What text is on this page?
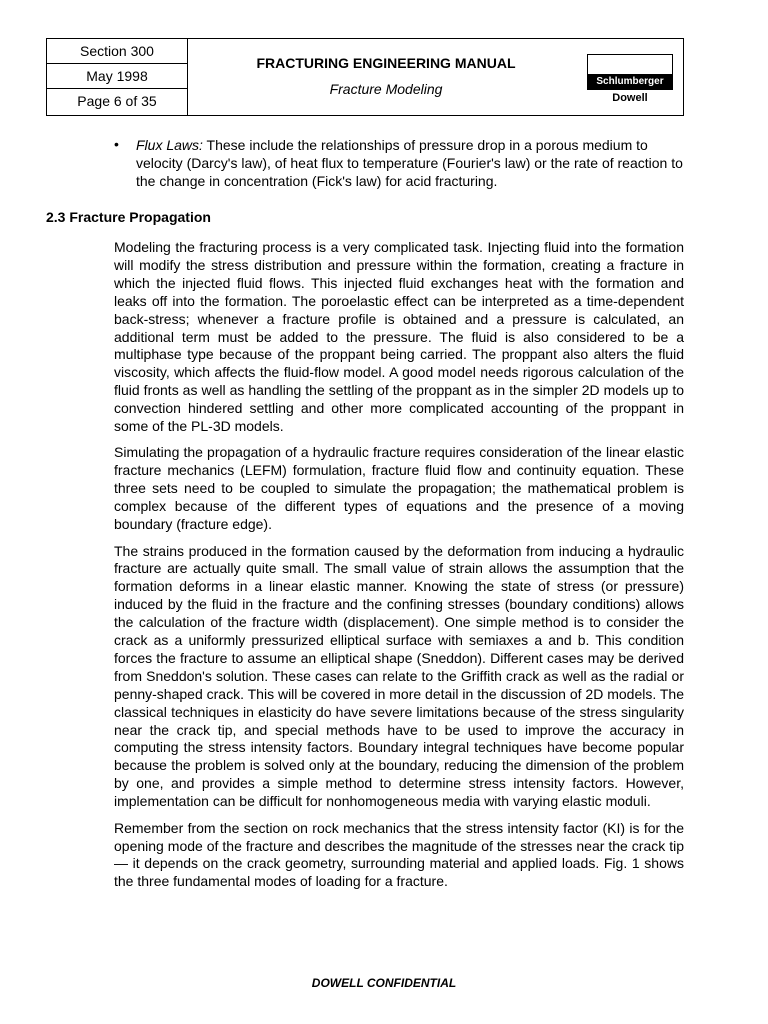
Section 300
May 1998
Page 6 of 35
FRACTURING ENGINEERING MANUAL
Fracture Modeling	Schlumberger
Dowell
• Flux Laws: These include the relationships of pressure drop in a porous medium to velocity (Darcy's law), of heat flux to temperature (Fourier's law) or the rate of reaction to the change in concentration (Fick's law) for acid fracturing.
2.3 Fracture Propagation

Modeling the fracturing process is a very complicated task. Injecting fluid into the formation will modify the stress distribution and pressure within the formation, creating a fracture in which the injected fluid flows. This injected fluid exchanges heat with the formation and leaks off into the formation. The poroelastic effect can be interpreted as a time-dependent back-stress; whenever a fracture profile is obtained and a pressure is calculated, an additional term must be added to the pressure. The fluid is also considered to be a multiphase type because of the proppant being carried. The proppant also alters the fluid viscosity, which affects the fluid-flow model. A good model needs rigorous calculation of the fluid fronts as well as handling the settling of the proppant as in the simpler 2D models up to convection hindered settling and other more complicated accounting of the proppant in some of the PL-3D models.

Simulating the propagation of a hydraulic fracture requires consideration of the linear elastic fracture mechanics (LEFM) formulation, fracture fluid flow and continuity equation. These three sets need to be coupled to simulate the propagation; the mathematical problem is complex because of the different types of equations and the presence of a moving boundary (fracture edge).

The strains produced in the formation caused by the deformation from inducing a hydraulic fracture are actually quite small. The small value of strain allows the assumption that the formation deforms in a linear elastic manner. Knowing the state of stress (or pressure) induced by the fluid in the fracture and the confining stresses (boundary conditions) allows the calculation of the fracture width (displacement). One simple method is to consider the crack as a uniformly pressurized elliptical surface with semiaxes a and b. This condition forces the fracture to assume an elliptical shape (Sneddon). Different cases may be derived from Sneddon's solution. These cases can relate to the Griffith crack as well as the radial or penny-shaped crack. This will be covered in more detail in the discussion of 2D models. The classical techniques in elasticity do have severe limitations because of the stress singularity near the crack tip, and special methods have to be used to improve the accuracy in computing the stress intensity factors. Boundary integral techniques have become popular because the problem is solved only at the boundary, reducing the dimension of the problem by one, and provides a simple method to determine stress intensity factors. However, implementation can be difficult for nonhomogeneous media with varying elastic moduli.

Remember from the section on rock mechanics that the stress intensity factor (KI) is for the opening mode of the fracture and describes the magnitude of the stresses near the crack tip — it depends on the crack geometry, surrounding material and applied loads. Fig. 1 shows the three fundamental modes of loading for a fracture.

DOWELL CONFIDENTIAL
